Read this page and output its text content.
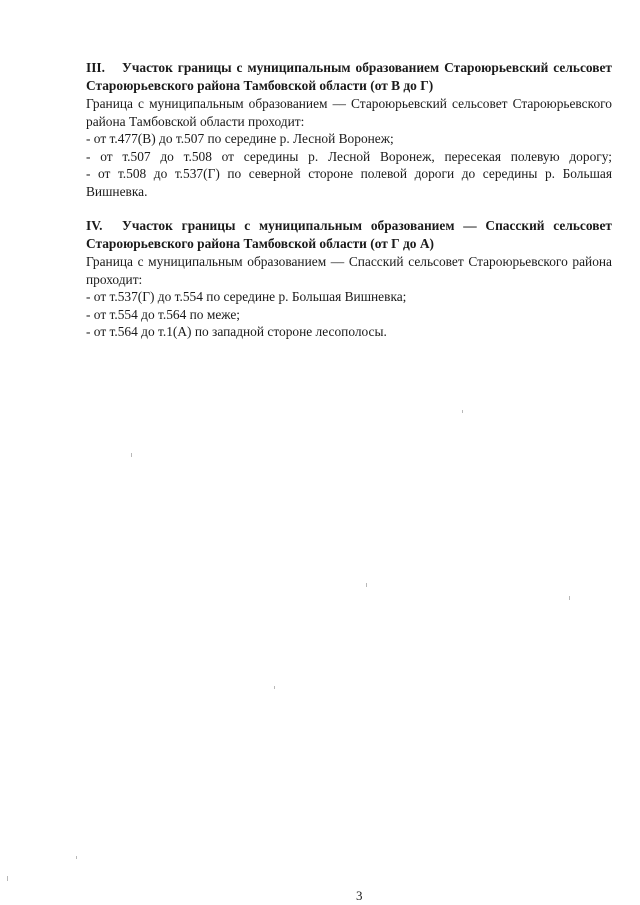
III. Участок границы с муниципальным образованием Староюрьевский сельсовет Староюрьевского района Тамбовской области (от В до Г)

Граница с муниципальным образованием –– Староюрьевский сельсовет Староюрьевского района Тамбовской области проходит:

- от т.477(В) до т.507 по середине р. Лесной Воронеж;
- от т.507 до т.508 от середины р. Лесной Воронеж, пересекая полевую дорогу;
- от т.508 до т.537(Г) по северной стороне полевой дороги до середины р. Большая Вишневка.

IV. Участок границы с муниципальным образованием — Спасский сельсовет Староюрьевского района Тамбовской области (от Г до А)

Граница с муниципальным образованием –– Спасский сельсовет Староюрьевского района проходит:

- от т.537(Г) до т.554 по середине р. Большая Вишневка;
- от т.554 до т.564 по меже;
- от т.564 до т.1(А) по западной стороне лесополосы.
3
